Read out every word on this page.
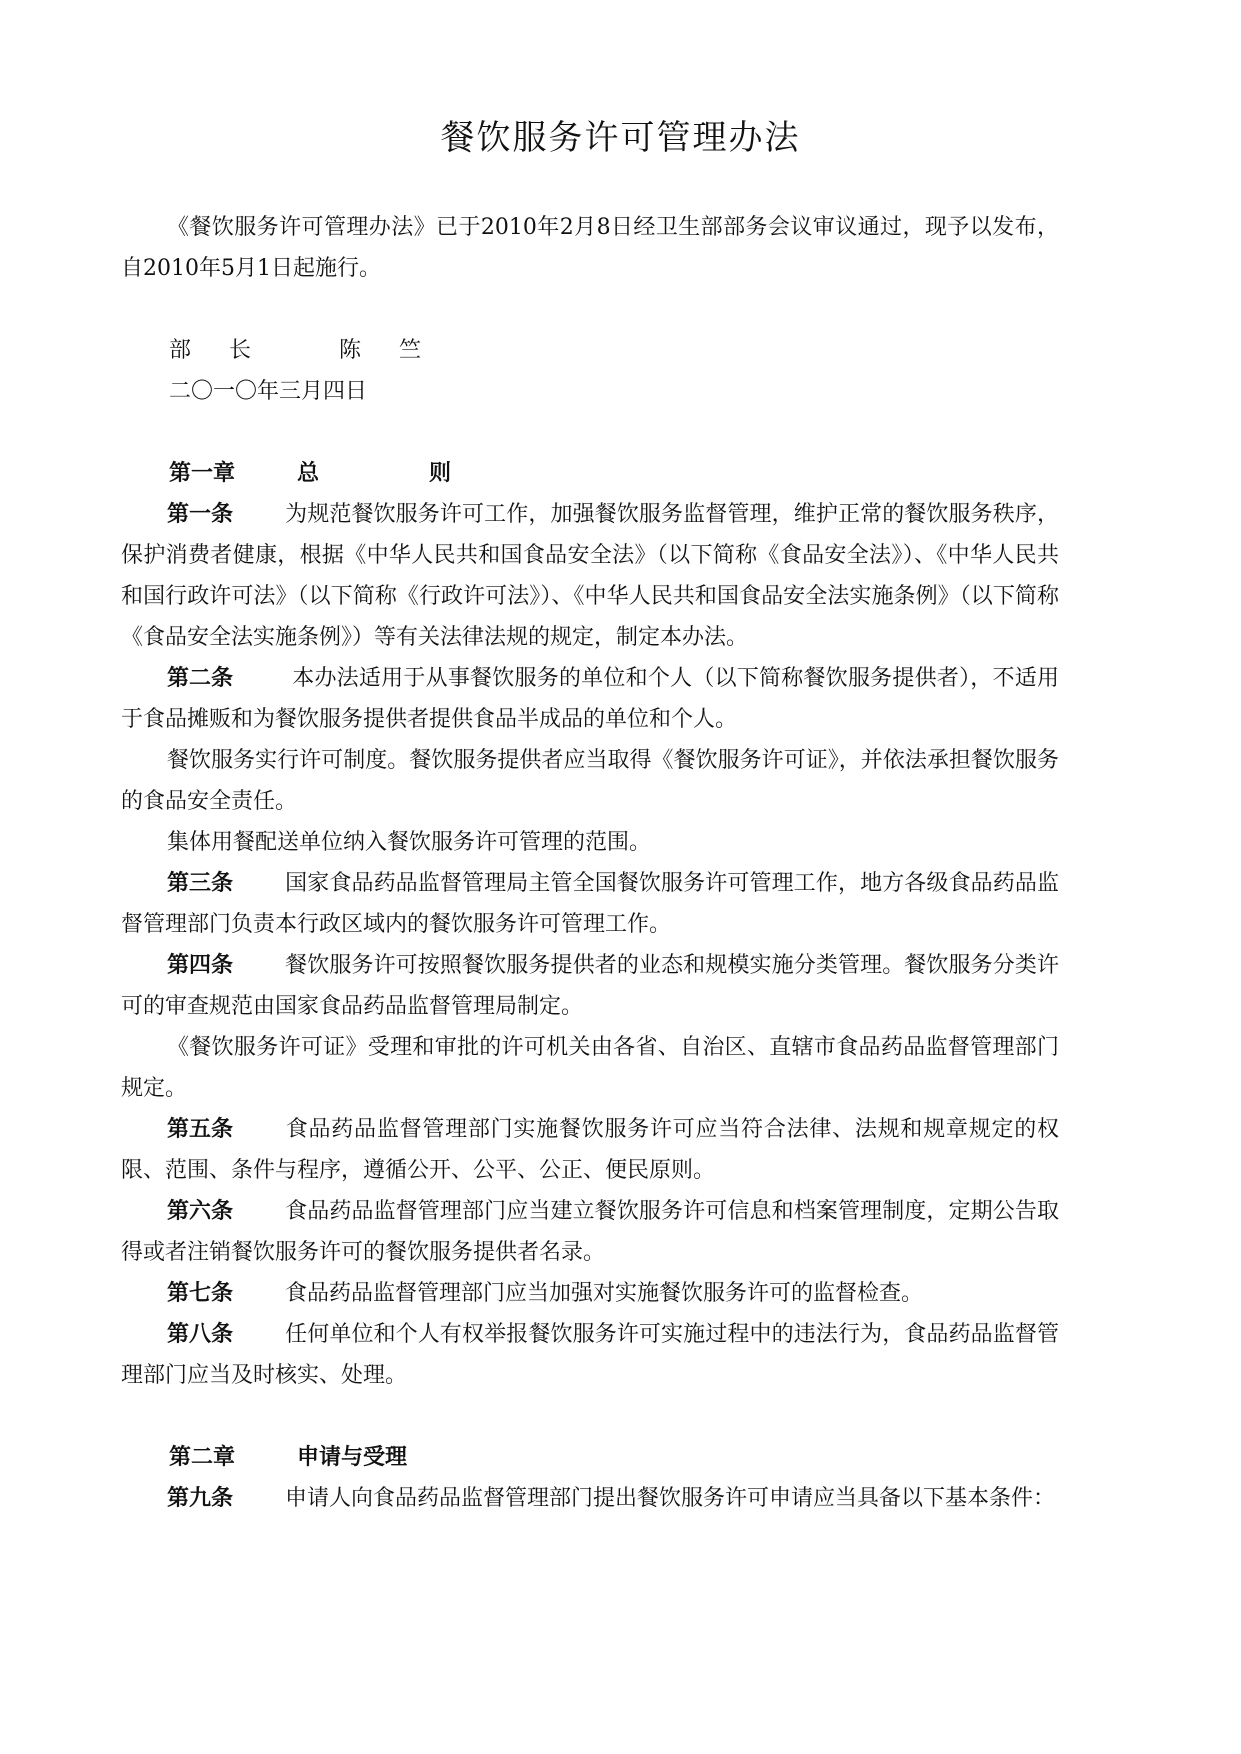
餐饮服务许可管理办法

《餐饮服务许可管理办法》已于2010年2月8日经卫生部部务会议审议通过，现予以发布，自2010年5月1日起施行。

部长 陈竺
二〇一〇年三月四日
第一章	总则

第一条 为规范餐饮服务许可工作，加强餐饮服务监督管理，维护正常的餐饮服务秩序，保护消费者健康，根据《中华人民共和国食品安全法》（以下简称《食品安全法》）、《中华人民共和国行政许可法》（以下简称《行政许可法》）、《中华人民共和国食品安全法实施条例》（以下简称《食品安全法实施条例》）等有关法律法规的规定，制定本办法。

第二条 本办法适用于从事餐饮服务的单位和个人（以下简称餐饮服务提供者），不适用于食品摊贩和为餐饮服务提供者提供食品半成品的单位和个人。

餐饮服务实行许可制度。餐饮服务提供者应当取得《餐饮服务许可证》，并依法承担餐饮服务的食品安全责任。

集体用餐配送单位纳入餐饮服务许可管理的范围。

第三条 国家食品药品监督管理局主管全国餐饮服务许可管理工作，地方各级食品药品监督管理部门负责本行政区域内的餐饮服务许可管理工作。

第四条 餐饮服务许可按照餐饮服务提供者的业态和规模实施分类管理。餐饮服务分类许可的审查规范由国家食品药品监督管理局制定。

《餐饮服务许可证》受理和审批的许可机关由各省、自治区、直辖市食品药品监督管理部门规定。

第五条 食品药品监督管理部门实施餐饮服务许可应当符合法律、法规和规章规定的权限、范围、条件与程序，遵循公开、公平、公正、便民原则。

第六条 食品药品监督管理部门应当建立餐饮服务许可信息和档案管理制度，定期公告取得或者注销餐饮服务许可的餐饮服务提供者名录。

第七条 食品药品监督管理部门应当加强对实施餐饮服务许可的监督检查。

第八条 任何单位和个人有权举报餐饮服务许可实施过程中的违法行为，食品药品监督管理部门应当及时核实、处理。

第二章	申请与受理

第九条 申请人向食品药品监督管理部门提出餐饮服务许可申请应当具备以下基本条件：
